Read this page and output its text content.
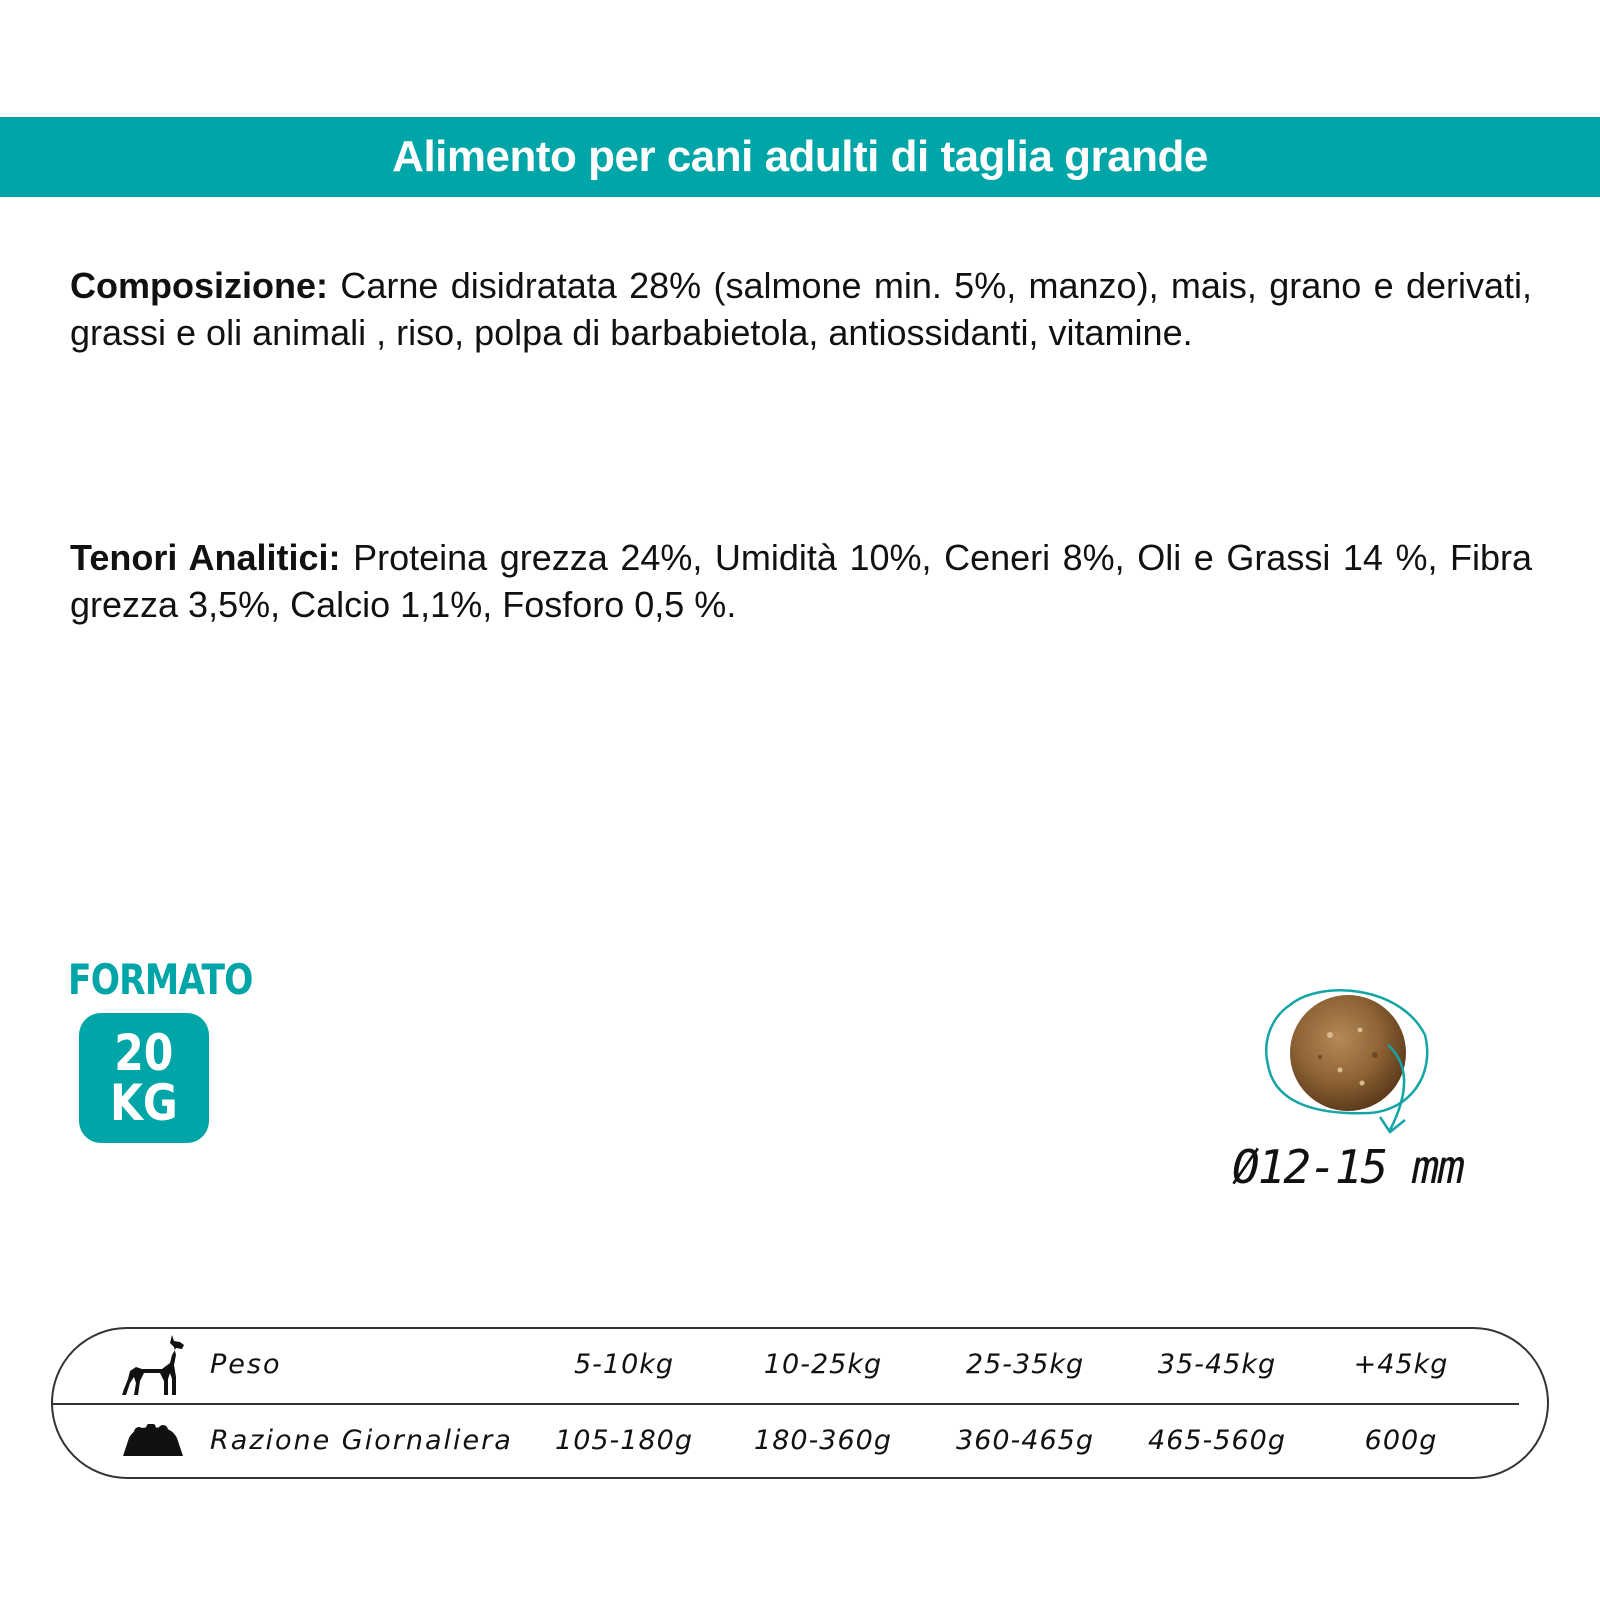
Alimento per cani adulti di taglia grande
Composizione: Carne disidratata 28% (salmone min. 5%, manzo), mais, grano e derivati, grassi e oli animali , riso, polpa di barbabietola, antiossidanti, vitamine.
Tenori Analitici: Proteina grezza 24%, Umidità 10%, Ceneri 8%, Oli e Grassi 14 %, Fibra grezza 3,5%, Calcio 1,1%, Fosforo 0,5 %.
FORMATO
20
KG
Ø12-15 mm
Peso	5-10kg	10-25kg	25-35kg	35-45kg	+45kg
Razione Giornaliera	105-180g	180-360g	360-465g	465-560g	600g
